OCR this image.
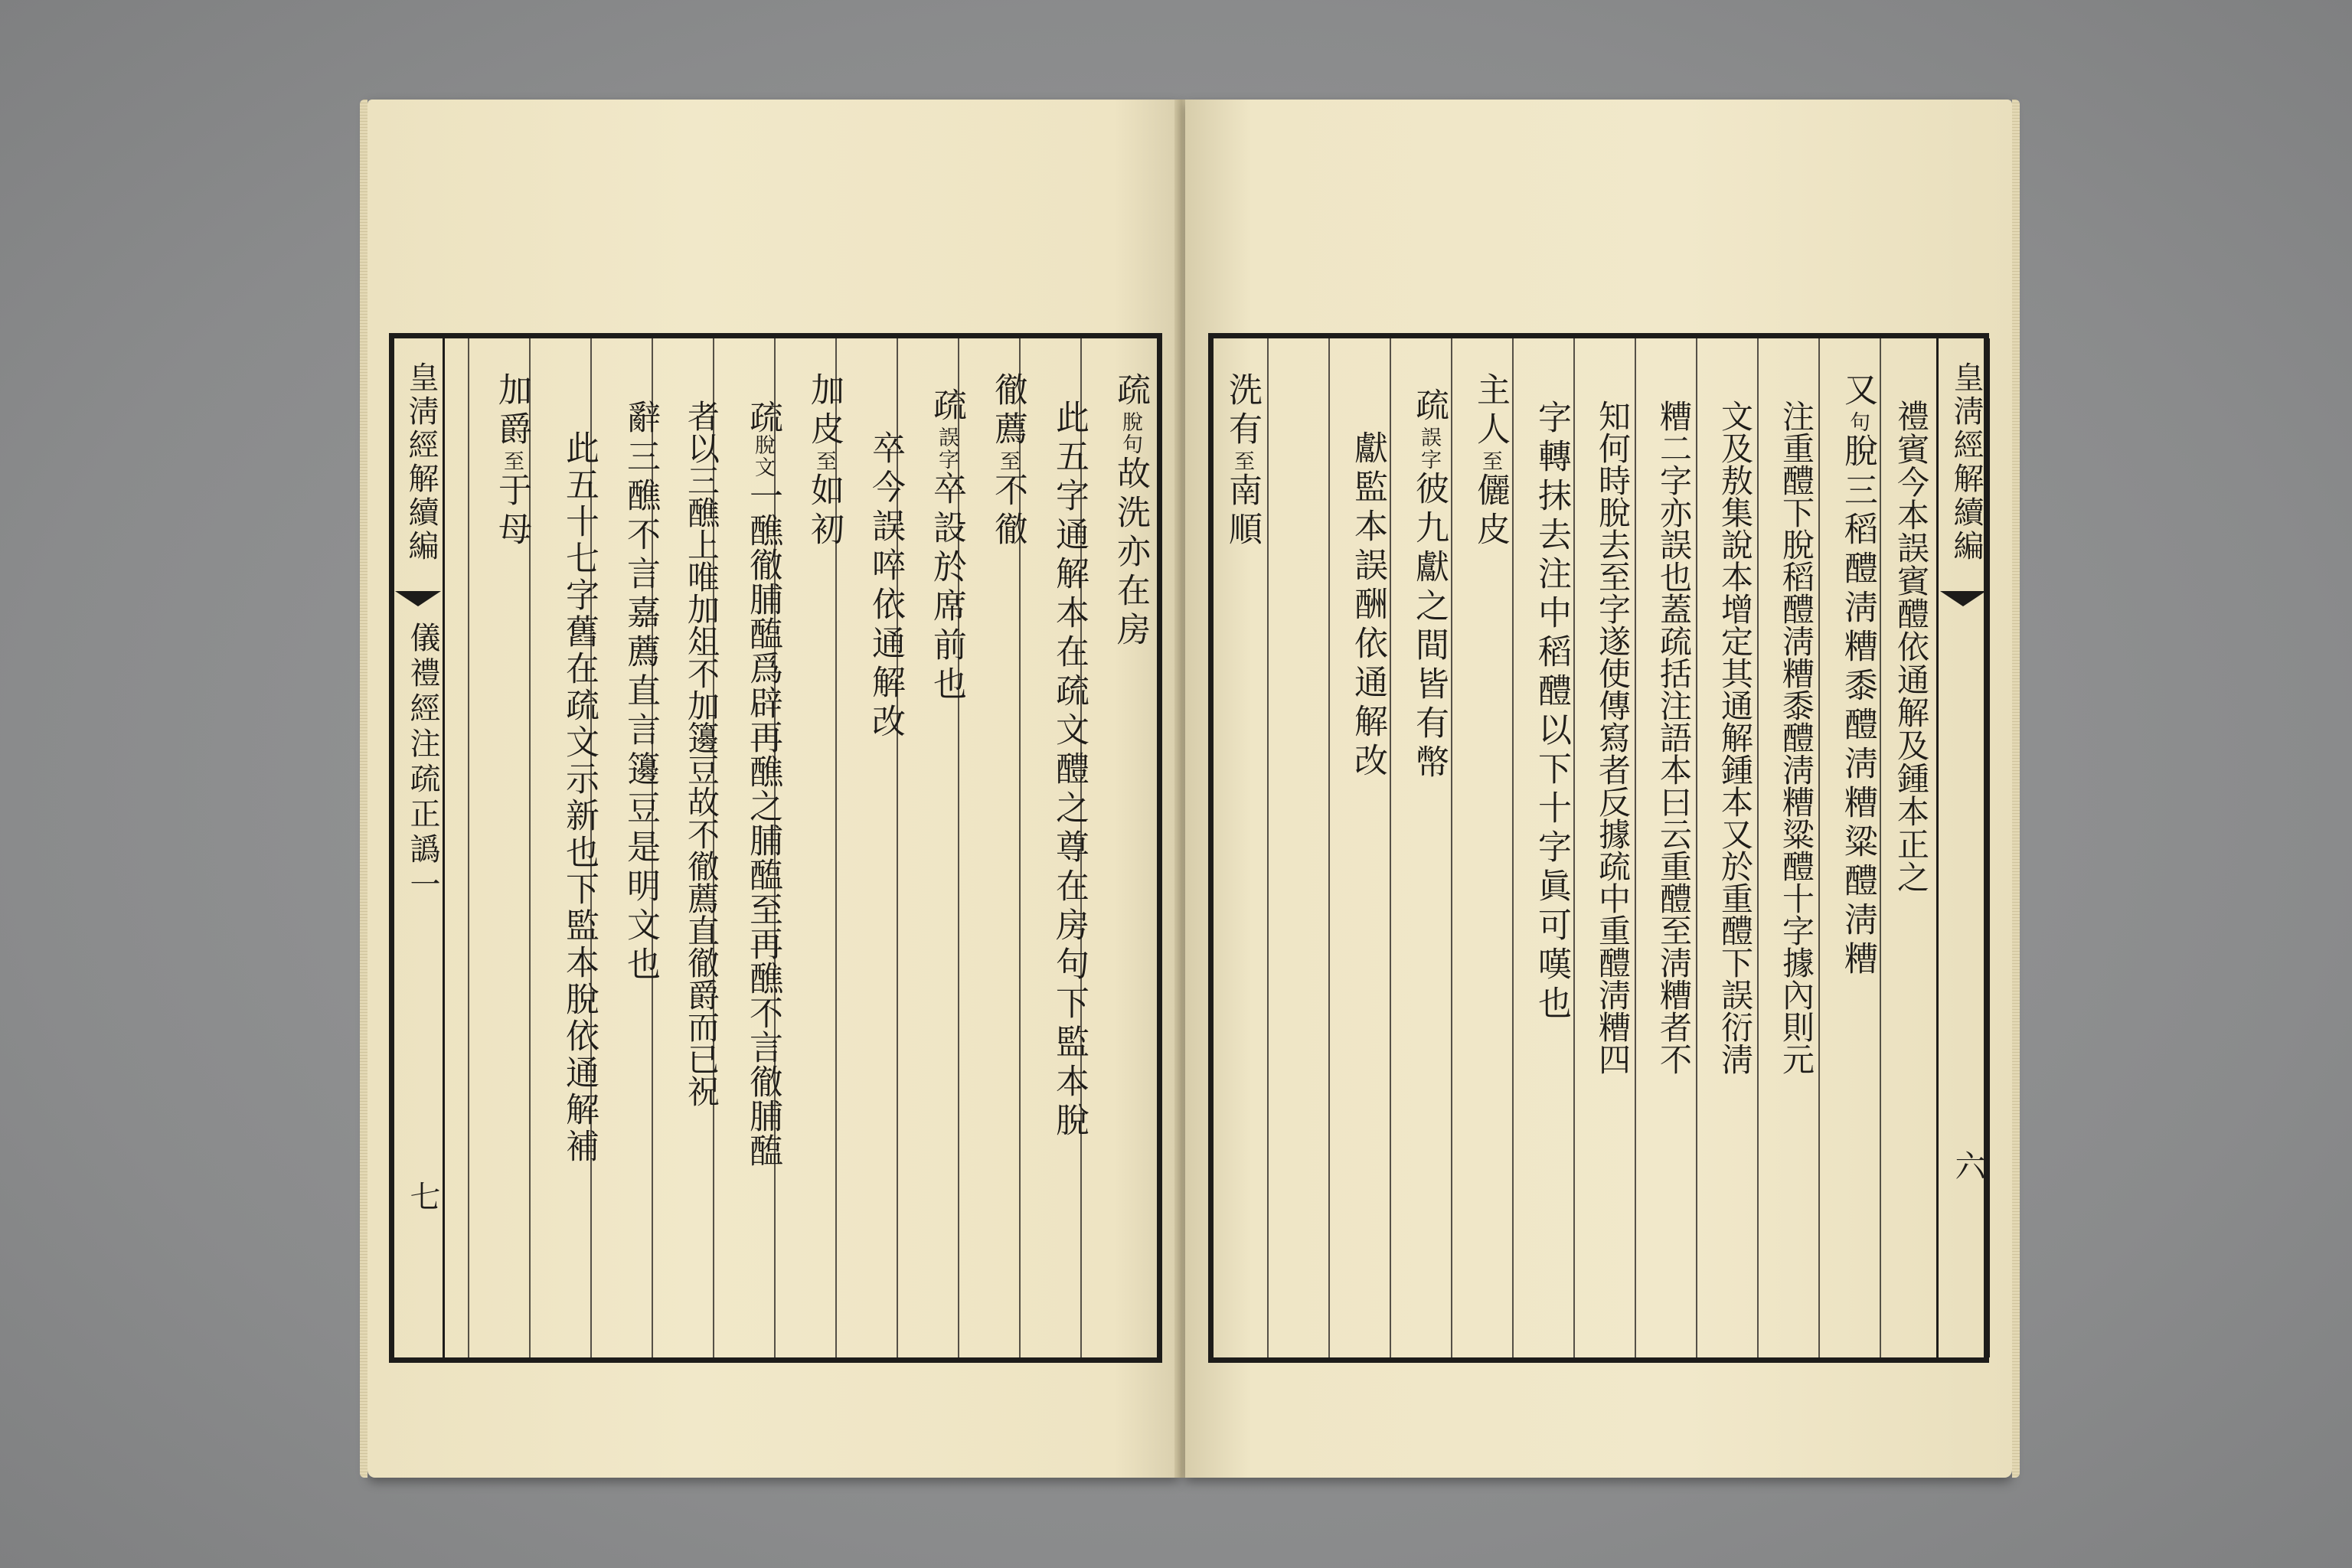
皇淸經解續編
儀禮經注疏正譌一
七
疏脫句故洗亦在房
此五字通解本在疏文醴之尊在房句下監本脫
徹薦至不徹
疏誤字卒設於席前也
卒今誤啐依通解改
加皮至如初
疏脫文一醮徹脯醢爲辟再醮之脯醢至再醮不言徹脯醢
者以三醮上唯加俎不加籩豆故不徹薦直徹爵而已祝
辭三醮不言嘉薦直言籩豆是明文也
此五十七字舊在疏文示新也下監本脫依通解補
加爵至于母	皇淸經解續編
六
禮賓今本誤賓醴依通解及鍾本正之
又句脫三稻醴淸糟黍醴淸糟粱醴淸糟
注重醴下脫稻醴淸糟黍醴淸糟粱醴十字據內則元
文及敖集說本增定其通解鍾本又於重醴下誤衍淸
糟二字亦誤也蓋疏括注語本曰云重醴至淸糟者不
知何時脫去至字遂使傳寫者反據疏中重醴淸糟四
字轉抹去注中稻醴以下十字眞可嘆也
主人至儷皮
疏誤字彼九獻之間皆有幣
獻監本誤酬依通解改
洗有至南順
